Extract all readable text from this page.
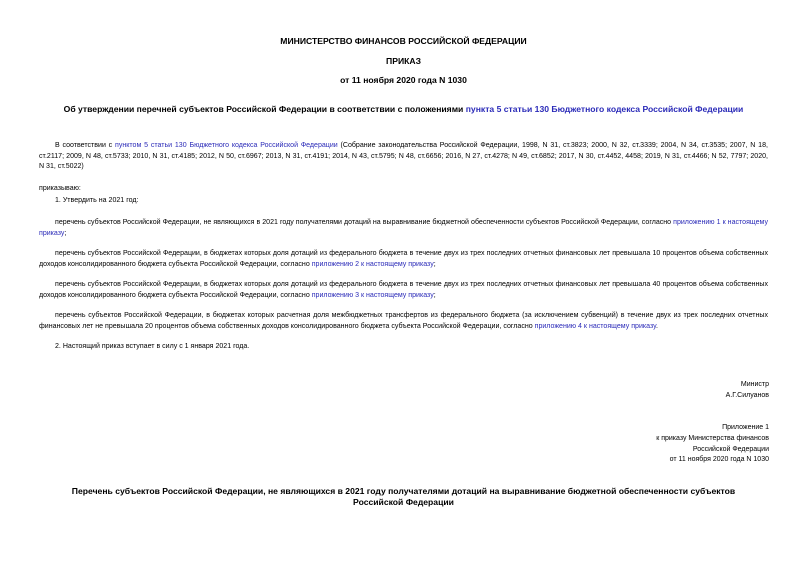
МИНИСТЕРСТВО ФИНАНСОВ РОССИЙСКОЙ ФЕДЕРАЦИИ
ПРИКАЗ
от 11 ноября 2020 года N 1030
Об утверждении перечней субъектов Российской Федерации в соответствии с положениями пункта 5 статьи 130 Бюджетного кодекса Российской Федерации
В соответствии с пунктом 5 статьи 130 Бюджетного кодекса Российской Федерации (Собрание законодательства Российской Федерации, 1998, N 31, ст.3823; 2000, N 32, ст.3339; 2004, N 34, ст.3535; 2007, N 18, ст.2117; 2009, N 48, ст.5733; 2010, N 31, ст.4185; 2012, N 50, ст.6967; 2013, N 31, ст.4191; 2014, N 43, ст.5795; N 48, ст.6656; 2016, N 27, ст.4278; N 49, ст.6852; 2017, N 30, ст.4452, 4458; 2019, N 31, ст.4466; N 52, 7797; 2020, N 31, ст.5022)
приказываю:
1. Утвердить на 2021 год:
перечень субъектов Российской Федерации, не являющихся в 2021 году получателями дотаций на выравнивание бюджетной обеспеченности субъектов Российской Федерации, согласно приложению 1 к настоящему приказу;
перечень субъектов Российской Федерации, в бюджетах которых доля дотаций из федерального бюджета в течение двух из трех последних отчетных финансовых лет превышала 10 процентов объема собственных доходов консолидированного бюджета субъекта Российской Федерации, согласно приложению 2 к настоящему приказу;
перечень субъектов Российской Федерации, в бюджетах которых доля дотаций из федерального бюджета в течение двух из трех последних отчетных финансовых лет превышала 40 процентов объема собственных доходов консолидированного бюджета субъекта Российской Федерации, согласно приложению 3 к настоящему приказу;
перечень субъектов Российской Федерации, в бюджетах которых расчетная доля межбюджетных трансфертов из федерального бюджета (за исключением субвенций) в течение двух из трех последних отчетных финансовых лет не превышала 20 процентов объема собственных доходов консолидированного бюджета субъекта Российской Федерации, согласно приложению 4 к настоящему приказу.
2. Настоящий приказ вступает в силу с 1 января 2021 года.
Министр
А.Г.Силуанов
Приложение 1
к приказу Министерства финансов
Российской Федерации
от 11 ноября 2020 года N 1030
Перечень субъектов Российской Федерации, не являющихся в 2021 году получателями дотаций на выравнивание бюджетной обеспеченности субъектов
Российской Федерации
